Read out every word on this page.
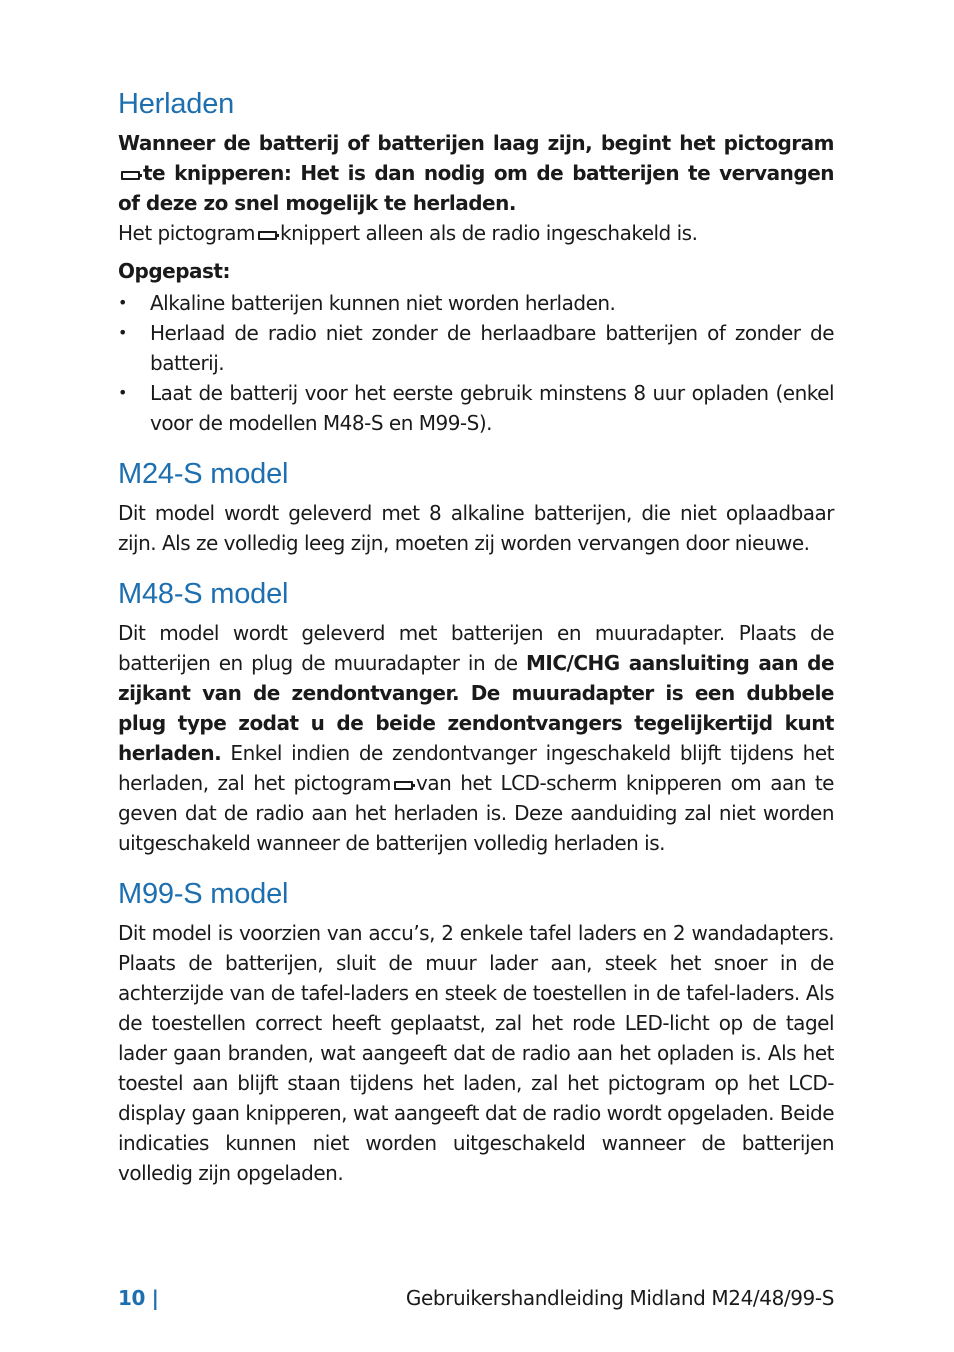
Herladen

Wanneer de batterij of batterijen laag zijn, begint het pictogramte knipperen: Het is dan nodig om de batterijen te vervangen of deze zo snel mogelijk te herladen.

Het pictogram knippert alleen als de radio ingeschakeld is.

Opgepast:
• Alkaline batterijen kunnen niet worden herladen.
• Herlaad de radio niet zonder de herlaadbare batterijen of zonder de batterij.
• Laat de batterij voor het eerste gebruik minstens 8 uur opladen (enkel voor de modellen M48-S en M99-S).
M24-S model

Dit model wordt geleverd met 8 alkaline batterijen, die niet oplaadbaar zijn. Als ze volledig leeg zijn, moeten zij worden vervangen door nieuwe.

M48-S model

Dit model wordt geleverd met batterijen en muuradapter. Plaats de batterijen en plug de muuradapter in de MIC/CHG aansluiting aan de zijkant van de zendontvanger. De muuradapter is een dubbele plug type zodat u de beide zendontvangers tegelijkertijd kunt herladen. Enkel indien de zendontvanger ingeschakeld blijft tijdens het herladen, zal het pictogram van het LCD-scherm knipperen om aan te geven dat de radio aan het herladen is. Deze aanduiding zal niet worden uitgeschakeld wanneer de batterijen volledig herladen is.

M99-S model

Dit model is voorzien van accu’s, 2 enkele tafel laders en 2 wandadapters. Plaats de batterijen, sluit de muur lader aan, steek het snoer in de achterzijde van de tafel-laders en steek de toestellen in de tafel-laders. Als de toestellen correct heeft geplaatst, zal het rode LED-licht op de tagel lader gaan branden, wat aangeeft dat de radio aan het opladen is. Als het toestel aan blijft staan tijdens het laden, zal het pictogram op het LCD-display gaan knipperen, wat aangeeft dat de radio wordt opgeladen. Beide indicaties kunnen niet worden uitgeschakeld wanneer de batterijen volledig zijn opgeladen.

10 |	Gebruikershandleiding Midland M24/48/99-S
